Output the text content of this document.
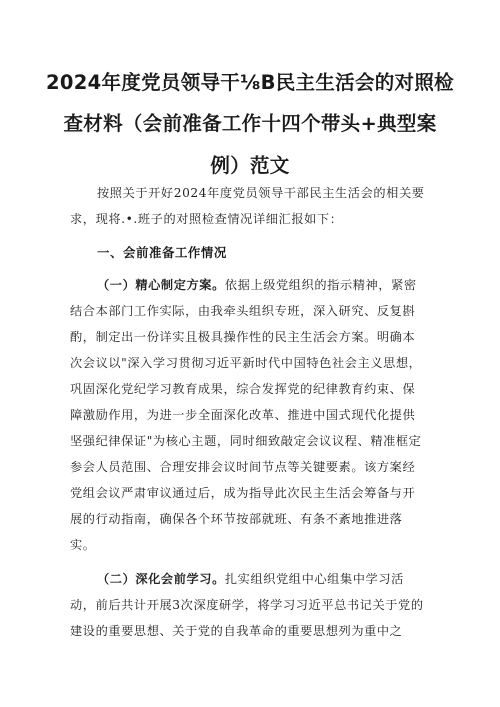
2024年度党员领导干⅛B民主生活会的对照检
查材料（会前准备工作十四个带头+典型案
例）范文

按照关于开好2024年度党员领导干部民主生活会的相关要

求，现将.•.班子的对照检查情况详细汇报如下：

一、会前准备工作情况

（一）精心制定方案。依据上级党组织的指示精神，紧密

结合本部门工作实际，由我牵头组织专班，深入研究、反复斟

酌，制定出一份详实且极具操作性的民主生活会方案。明确本

次会议以"深入学习贯彻习近平新时代中国特色社会主义思想，

巩固深化党纪学习教育成果，综合发挥党的纪律教育约束、保

障激励作用，为进一步全面深化改革、推进中国式现代化提供

坚强纪律保证"为核心主题，同时细致敲定会议议程、精准框定

参会人员范围、合理安排会议时间节点等关键要素。该方案经

党组会议严肃审议通过后，成为指导此次民主生活会筹备与开

展的行动指南，确保各个环节按部就班、有条不紊地推进落

实。

（二）深化会前学习。扎实组织党组中心组集中学习活

动，前后共计开展3次深度研学，将学习习近平总书记关于党的

建设的重要思想、关于党的自我革命的重要思想列为重中之
